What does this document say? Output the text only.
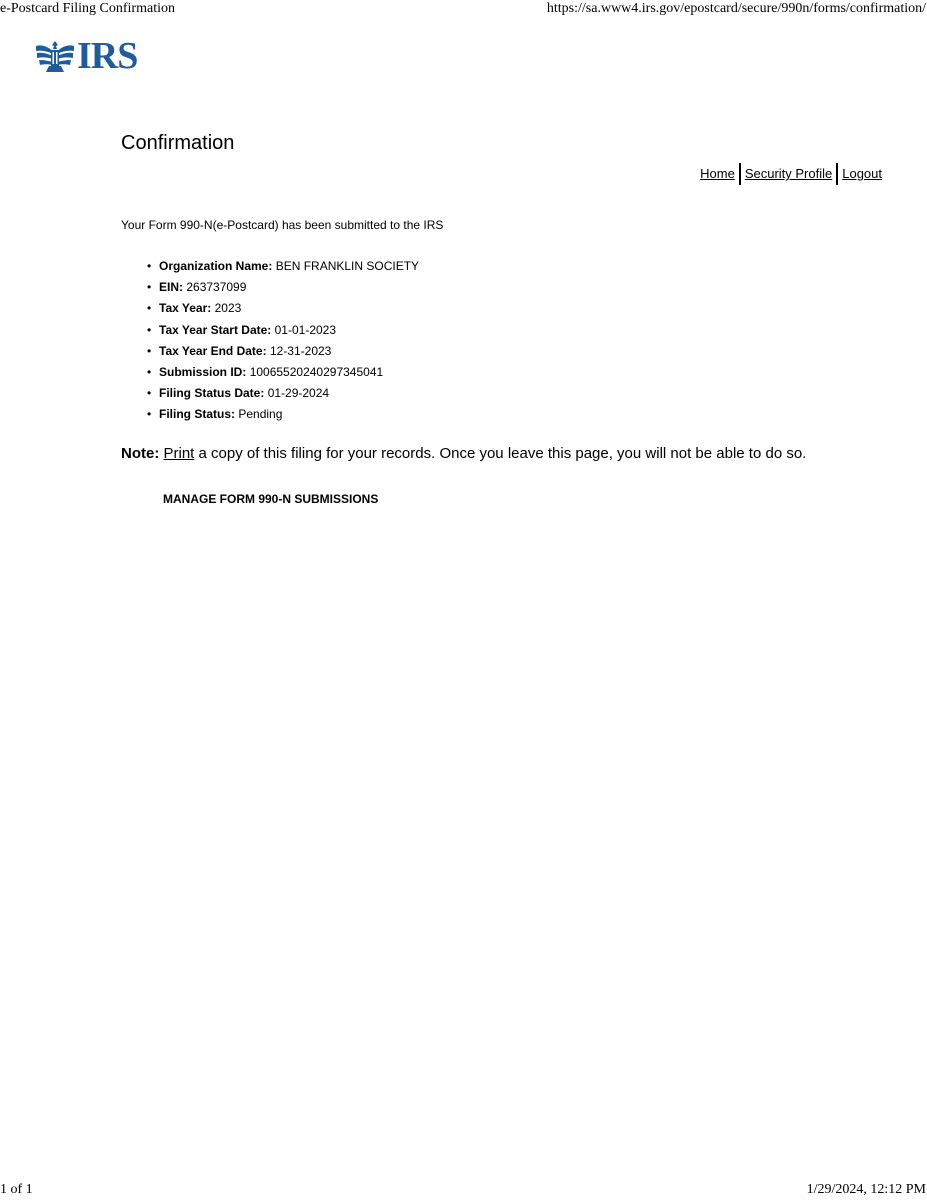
e-Postcard Filing Confirmation	https://sa.www4.irs.gov/epostcard/secure/990n/forms/confirmation/
IRS
Confirmation
Home Security Profile Logout
Your Form 990-N(e-Postcard) has been submitted to the IRS
• Organization Name: BEN FRANKLIN SOCIETY
• EIN: 263737099
• Tax Year: 2023
• Tax Year Start Date: 01-01-2023
• Tax Year End Date: 12-31-2023
• Submission ID: 10065520240297345041
• Filing Status Date: 01-29-2024
• Filing Status: Pending
Note: Print a copy of this filing for your records. Once you leave this page, you will not be able to do so.
MANAGE FORM 990-N SUBMISSIONS
1 of 1	1/29/2024, 12:12 PM
